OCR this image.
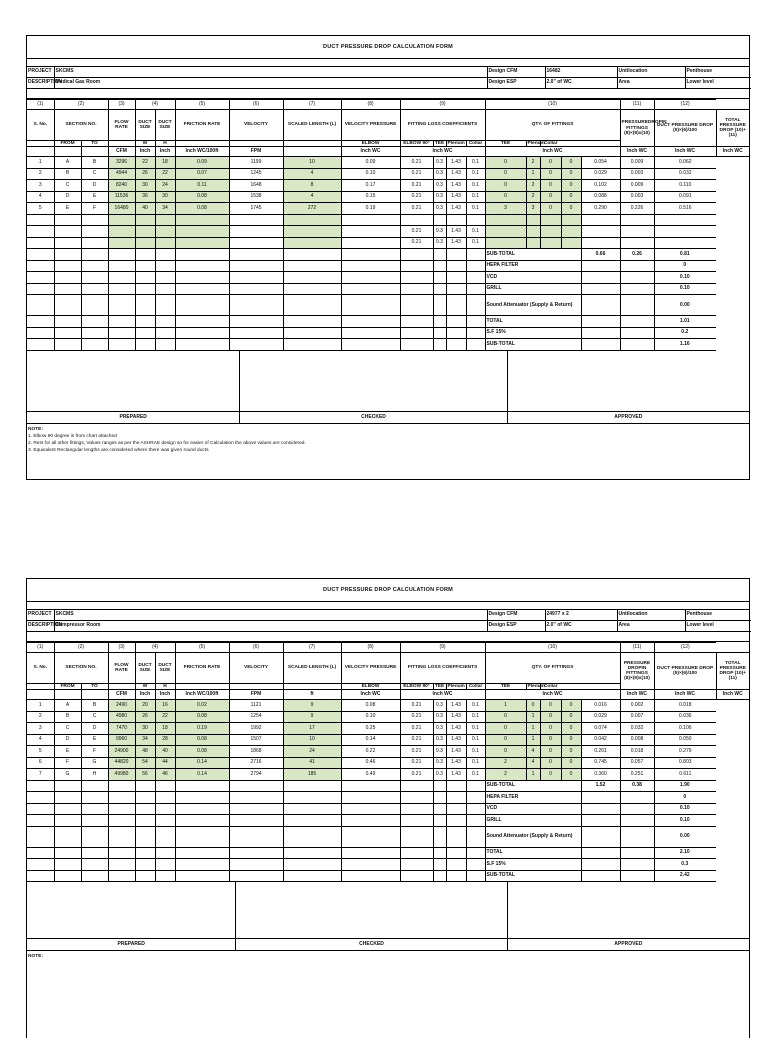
DUCT PRESSURE DROP CALCULATION FORM
PROJECT	SKCMS	Design CFM	16482	Unitlocation	Penthouse
DESCRIPTION	Medical Gas Room	Design ESP	2.0" of WC	Area	Lower level
(1)	(2)		(3)	(4)		(5)	(6)	(7)	(8)	(9)				(10)					(11)	(12)	
S. No.	SECTION NO.		FLOW RATE	DUCT SIZE	DUCT SIZE	FRICTION RATE	VELOCITY	SCALED LENGTH (L)	VELOCITY PRESSURE	FITTING LOSS COEFFICIENTS				QTY. OF FITTINGS					PRESSUREDROPIN FITTINGS (8)×(9)x(10)	DUCT PRESSURE DROP (5)×(6)/100	TOTAL PRESSURE DROP (10)+(11)

	FROM	TO		W	H					ELBOW 90°	TEE	Plenum	Collar								
									ELBOW					TEE	Plenum	Collar					
			CFM	Inch	Inch	Inch WC/100ft	FPM		Inch WC	Inch WC				Inch WC					Inch WC	Inch WC	Inch WC
1	A	B	3296	22	18	0.09	1199	10	0.09	0.21	0.3	1.43	0.1	0	2	0	0	0.054	0.009	0.062	
2	B	C	4944	26	22	0.07	1245	4	0.10	0.21	0.3	1.43	0.1	0	1	0	0	0.029	0.003	0.032	
3	C	D	8240	30	24	0.11	1648	8	0.17	0.21	0.3	1.43	0.1	0	2	0	0	0.102	0.009	0.110	
4	D	E	11536	36	30	0.08	1538	4	0.15	0.21	0.3	1.43	0.1	0	2	0	0	0.088	0.003	0.091	
5	E	F	16480	40	34	0.08	1745	272	0.19	0.21	0.3	1.43	0.1	3	3	0	0	0.290	0.226	0.516	

										0.21	0.3	1.43	0.1								
										0.21	0.3	1.43	0.1								
														SUB-TOTAL				0.66	0.26	0.81	
														HEPA FILTER						0	
														VCD						0.10	
														GRILL						0.10	
														Sound Attenuator (Supply & Return)						0.00	
														TOTAL						1.01	
														S.F 15%						0.2	
														SUB-TOTAL						1.16	
PREPARED	CHECKED	APPROVED
NOTE:
1. Elbow 90 degree is from chart attached
2. Rest for all other fittings, Values ranges as per the ASHRAE design so for easier of Calculation the above values are considered.
3. Equivalent Rectangular lengths are considered where there was given round ducts
DUCT PRESSURE DROP CALCULATION FORM
PROJECT	SKCMS	Design CFM	24977 x 2	Unitlocation	Penthouse
DESCRIPTION	Compressor Room	Design ESP	2.0" of WC	Area	Lower level
(1)	(2)		(3)	(4)		(5)	(6)	(7)	(8)	(9)				(10)					(11)	(12)	
S. No.	SECTION NO.		FLOW RATE	DUCT SIZE	DUCT SIZE	FRICTION RATE	VELOCITY	SCALED LENGTH (L)	VELOCITY PRESSURE	FITTING LOSS COEFFICIENTS				QTY. OF FITTINGS					PRESSURE DROPIN FITTINGS (8)×(9)x(10)	DUCT PRESSURE DROP (5)×(6)/100	TOTAL PRESSURE DROP (10)+(11)

	FROM	TO		W	H					ELBOW 90°	TEE	Plenum	Collar								
									ELBOW					TEE	Plenum	Collar					
			CFM	Inch	Inch	Inch WC/100ft	FPM	ft	Inch WC	Inch WC				Inch WC					Inch WC	Inch WC	Inch WC
1	A	B	2490	20	16	0.02	1121	9	0.08	0.21	0.3	1.43	0.1	1	0	0	0	0.016	0.002	0.018	
2	B	C	4980	26	22	0.08	1254	9	0.10	0.21	0.3	1.43	0.1	0	1	0	0	0.029	0.007	0.036	
3	C	D	7470	30	18	0.19	1992	17	0.25	0.21	0.3	1.43	0.1	0	1	0	0	0.074	0.032	0.106	
4	D	E	9960	34	28	0.08	1507	10	0.14	0.21	0.3	1.43	0.1	0	1	0	0	0.042	0.008	0.050	
5	E	F	24900	48	40	0.08	1868	24	0.22	0.21	0.3	1.43	0.1	0	4	0	0	0.261	0.018	0.279	
6	F	G	44820	54	44	0.14	2716	41	0.46	0.21	0.3	1.43	0.1	2	4	0	0	0.745	0.057	0.803	
7	G	H	49980	56	46	0.14	2794	185	0.49	0.21	0.3	1.43	0.1	2	1	0	0	0.360	0.251	0.611	
														SUB-TOTAL				1.52	0.38	1.90	
														HEPA FILTER						0	
														VCD						0.10	
														GRILL						0.10	
														Sound Attenuator (Supply & Return)						0.00	
														TOTAL						2.10	
														S.F 15%						0.3	
														SUB-TOTAL						2.42	
PREPARED	CHECKED	APPROVED
NOTE:
